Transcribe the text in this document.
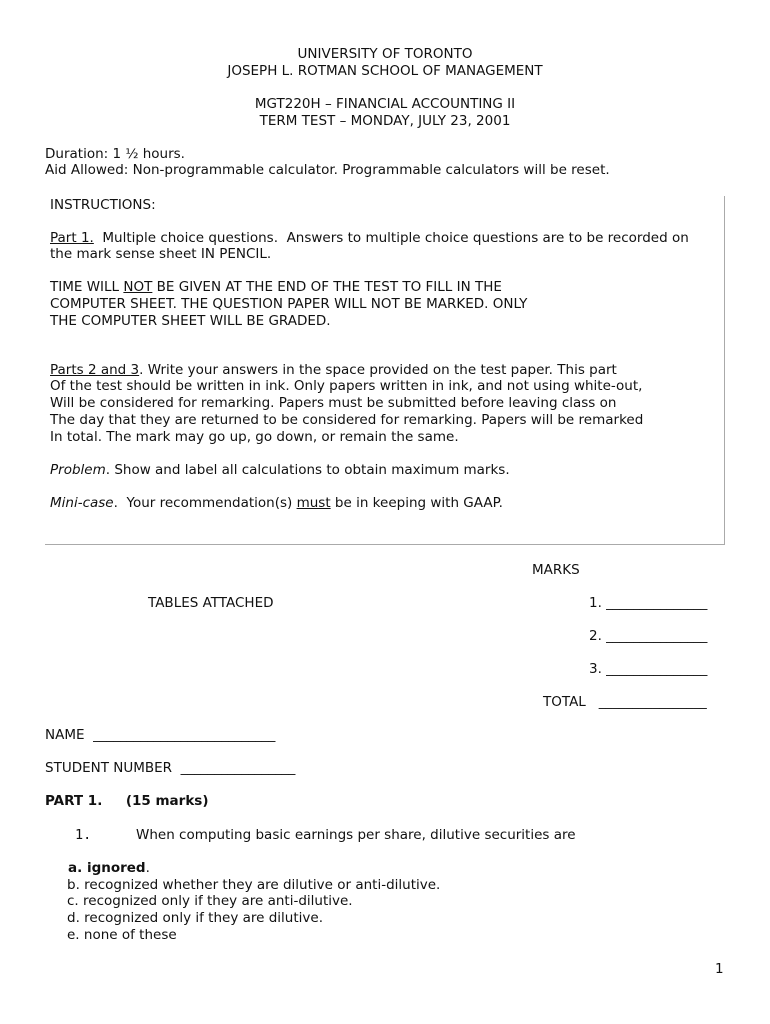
UNIVERSITY OF TORONTO
JOSEPH L. ROTMAN SCHOOL OF MANAGEMENT
MGT220H – FINANCIAL ACCOUNTING II
TERM TEST – MONDAY, JULY 23, 2001
Duration: 1 ½ hours.
Aid Allowed: Non-programmable calculator. Programmable calculators will be reset.
INSTRUCTIONS:
Part 1.  Multiple choice questions.  Answers to multiple choice questions are to be recorded on
the mark sense sheet IN PENCIL.
TIME WILL NOT BE GIVEN AT THE END OF THE TEST TO FILL IN THE
COMPUTER SHEET. THE QUESTION PAPER WILL NOT BE MARKED. ONLY
THE COMPUTER SHEET WILL BE GRADED.
Parts 2 and 3. Write your answers in the space provided on the test paper. This part
Of the test should be written in ink. Only papers written in ink, and not using white-out,
Will be considered for remarking. Papers must be submitted before leaving class on
The day that they are returned to be considered for remarking. Papers will be remarked
In total. The mark may go up, go down, or remain the same.
Problem. Show and label all calculations to obtain maximum marks.
Mini-case.  Your recommendation(s) must be in keeping with GAAP.
MARKS
TABLES ATTACHED	1. _______________
2. _______________
3. _______________
TOTAL   ________________
NAME  ___________________________
STUDENT NUMBER  _________________
PART 1.     (15 marks)
1.	When computing basic earnings per share, dilutive securities are
a. ignored.
b. recognized whether they are dilutive or anti-dilutive.
c. recognized only if they are anti-dilutive.
d. recognized only if they are dilutive.
e. none of these
1
